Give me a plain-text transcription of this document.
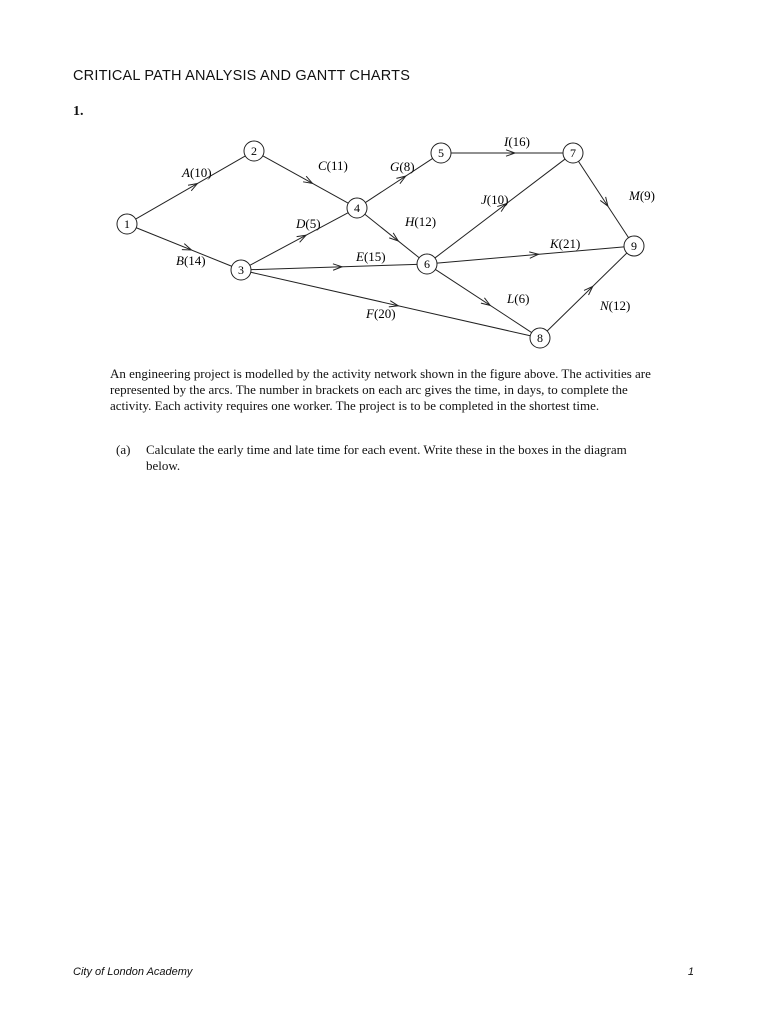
CRITICAL PATH ANALYSIS AND GANTT CHARTS
1.
1
2
3
4
5
6
7
8
9
A(10)
B(14)
C(11)
D(5)
E(15)
F(20)
G(8)
H(12)
I(16)
J(10)
K(21)
L(6)
M(9)
N(12)
An engineering project is modelled by the activity network shown in the figure above. The activities are represented by the arcs. The number in brackets on each arc gives the time, in days, to complete the activity. Each activity requires one worker. The project is to be completed in the shortest time.
(a) Calculate the early time and late time for each event. Write these in the boxes in the diagram below.
City of London Academy	1
